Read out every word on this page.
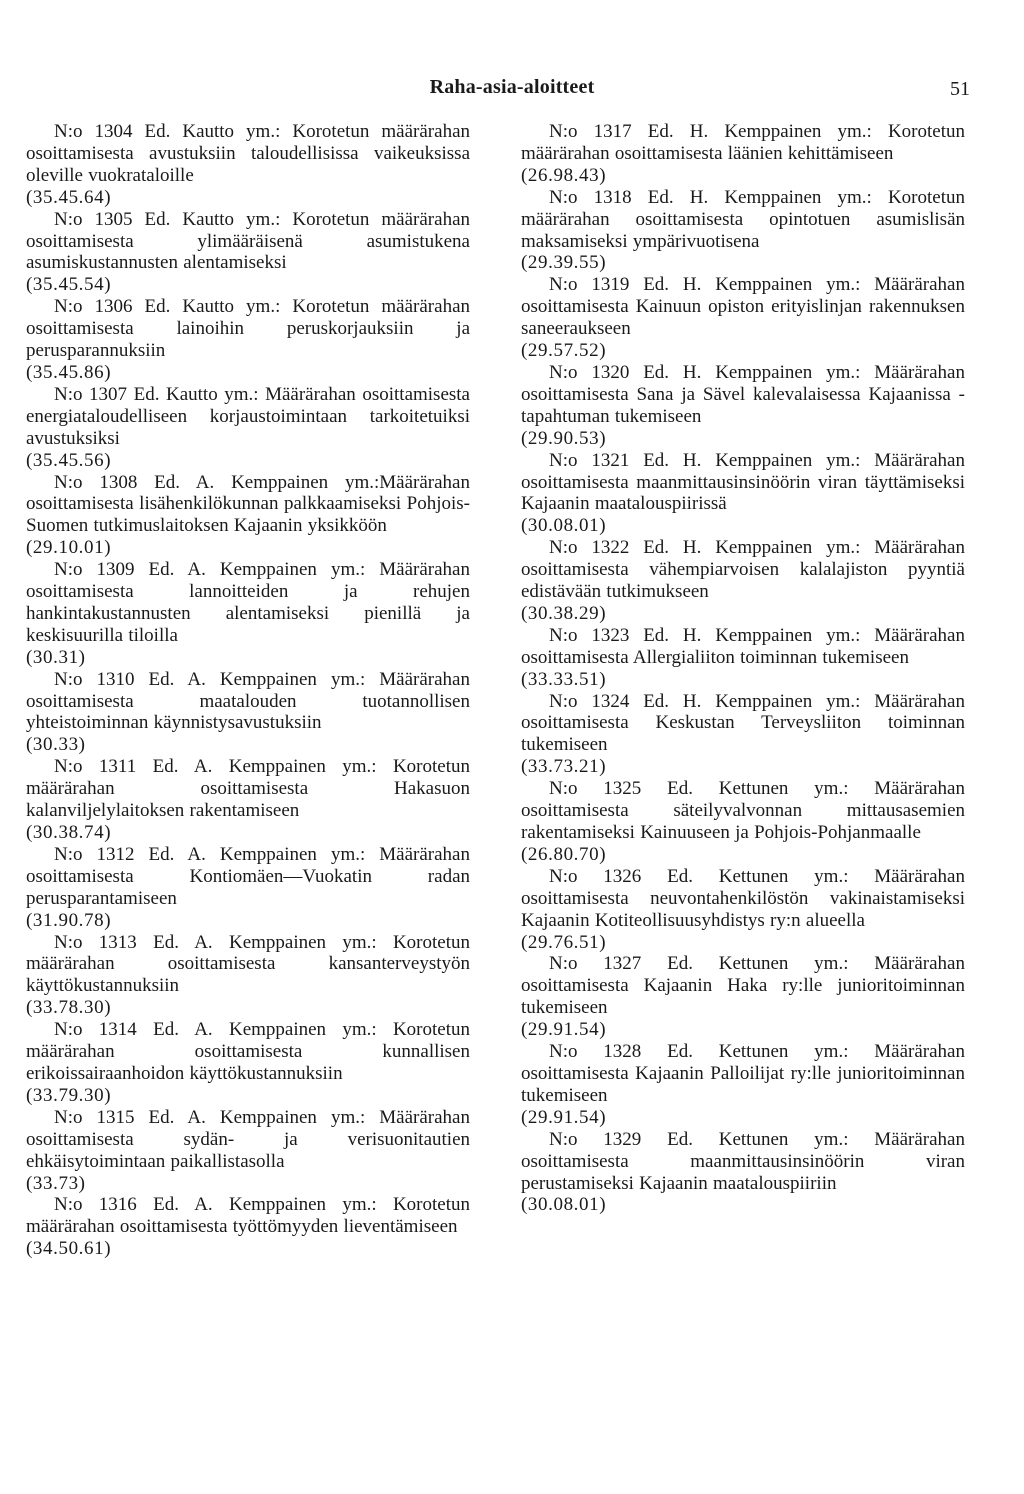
Raha-asia-aloitteet	51

N:o 1304 Ed. Kautto ym.: Korotetun määrärahan osoittamisesta avustuksiin taloudellisissa vaikeuksissa oleville vuokrataloille

(35.45.64)

N:o 1305 Ed. Kautto ym.: Korotetun määrärahan osoittamisesta ylimääräisenä asumistukena asumiskustannusten alentamiseksi

(35.45.54)

N:o 1306 Ed. Kautto ym.: Korotetun määrärahan osoittamisesta lainoihin peruskorjauksiin ja perusparannuksiin

(35.45.86)

N:o 1307 Ed. Kautto ym.: Määrärahan osoittamisesta energiataloudelliseen korjaustoimintaan tarkoitetuiksi avustuksiksi

(35.45.56)

N:o 1308 Ed. A. Kemppainen ym.:Määrärahan osoittamisesta lisähenkilökunnan palkkaamiseksi Pohjois-Suomen tutkimuslaitoksen Kajaanin yksikköön

(29.10.01)

N:o 1309 Ed. A. Kemppainen ym.: Määrärahan osoittamisesta lannoitteiden ja rehujen hankintakustannusten alentamiseksi pienillä ja keskisuurilla tiloilla

(30.31)

N:o 1310 Ed. A. Kemppainen ym.: Määrärahan osoittamisesta maatalouden tuotannollisen yhteistoiminnan käynnistysavustuksiin

(30.33)

N:o 1311 Ed. A. Kemppainen ym.: Korotetun määrärahan osoittamisesta Hakasuon kalanviljelylaitoksen rakentamiseen

(30.38.74)

N:o 1312 Ed. A. Kemppainen ym.: Määrärahan osoittamisesta Kontiomäen—Vuokatin radan perusparantamiseen

(31.90.78)

N:o 1313 Ed. A. Kemppainen ym.: Korotetun määrärahan osoittamisesta kansanterveystyön käyttökustannuksiin

(33.78.30)

N:o 1314 Ed. A. Kemppainen ym.: Korotetun määrärahan osoittamisesta kunnallisen erikoissairaanhoidon käyttökustannuksiin

(33.79.30)

N:o 1315 Ed. A. Kemppainen ym.: Määrärahan osoittamisesta sydän- ja verisuonitautien ehkäisytoimintaan paikallistasolla

(33.73)

N:o 1316 Ed. A. Kemppainen ym.: Korotetun määrärahan osoittamisesta työttömyyden lieventämiseen

(34.50.61)

N:o 1317 Ed. H. Kemppainen ym.: Korotetun määrärahan osoittamisesta läänien kehittämiseen

(26.98.43)

N:o 1318 Ed. H. Kemppainen ym.: Korotetun määrärahan osoittamisesta opintotuen asumislisän maksamiseksi ympärivuotisena

(29.39.55)

N:o 1319 Ed. H. Kemppainen ym.: Määrärahan osoittamisesta Kainuun opiston erityislinjan rakennuksen saneeraukseen

(29.57.52)

N:o 1320 Ed. H. Kemppainen ym.: Määrärahan osoittamisesta Sana ja Sävel kalevalaisessa Kajaanissa -tapahtuman tukemiseen

(29.90.53)

N:o 1321 Ed. H. Kemppainen ym.: Määrärahan osoittamisesta maanmittausinsinöörin viran täyttämiseksi Kajaanin maatalouspiirissä

(30.08.01)

N:o 1322 Ed. H. Kemppainen ym.: Määrärahan osoittamisesta vähempiarvoisen kalalajiston pyyntiä edistävään tutkimukseen

(30.38.29)

N:o 1323 Ed. H. Kemppainen ym.: Määrärahan osoittamisesta Allergialiiton toiminnan tukemiseen

(33.33.51)

N:o 1324 Ed. H. Kemppainen ym.: Määrärahan osoittamisesta Keskustan Terveysliiton toiminnan tukemiseen

(33.73.21)

N:o 1325 Ed. Kettunen ym.: Määrärahan osoittamisesta säteilyvalvonnan mittausasemien rakentamiseksi Kainuuseen ja Pohjois-Pohjanmaalle

(26.80.70)

N:o 1326 Ed. Kettunen ym.: Määrärahan osoittamisesta neuvontahenkilöstön vakinaistamiseksi Kajaanin Kotiteollisuusyhdistys ry:n alueella

(29.76.51)

N:o 1327 Ed. Kettunen ym.: Määrärahan osoittamisesta Kajaanin Haka ry:lle junioritoiminnan tukemiseen

(29.91.54)

N:o 1328 Ed. Kettunen ym.: Määrärahan osoittamisesta Kajaanin Palloilijat ry:lle junioritoiminnan tukemiseen

(29.91.54)

N:o 1329 Ed. Kettunen ym.: Määrärahan osoittamisesta maanmittausinsinöörin viran perustamiseksi Kajaanin maatalouspiiriin

(30.08.01)
